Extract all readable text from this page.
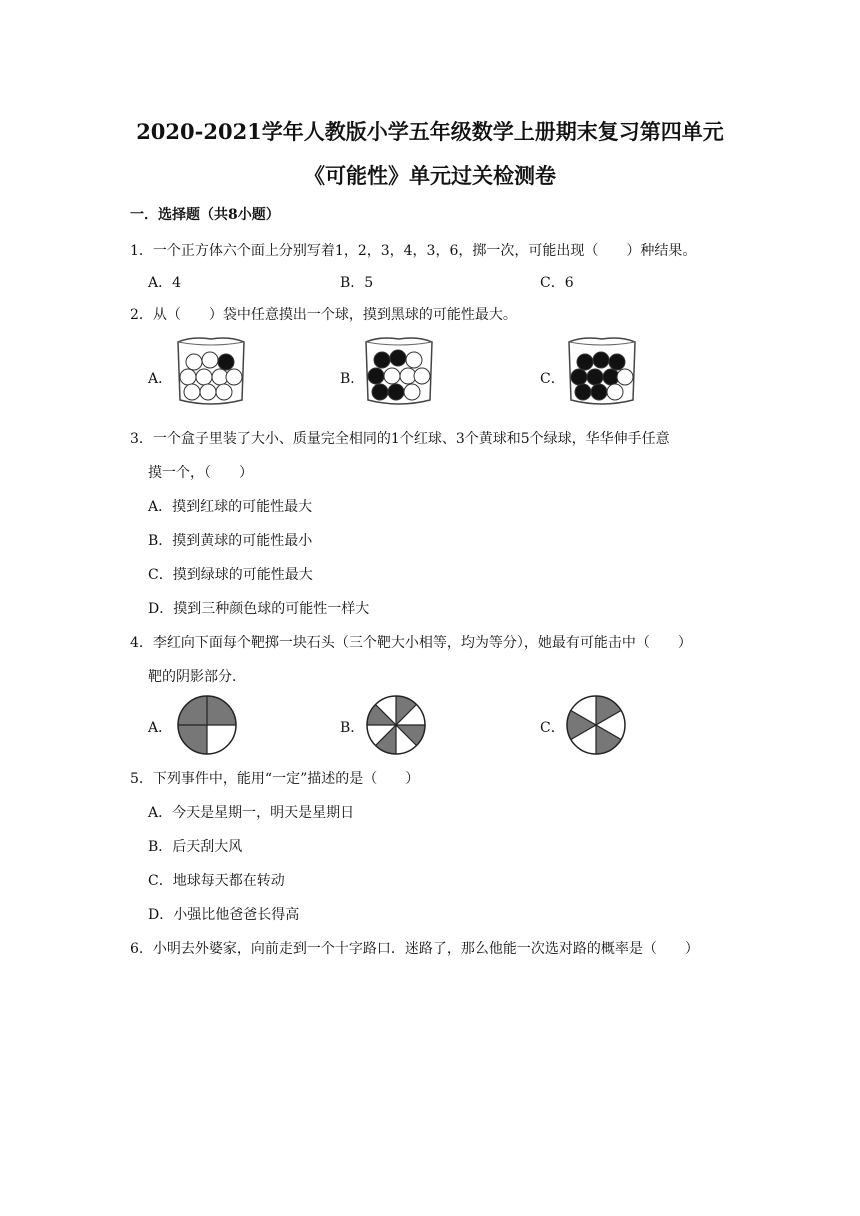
2020-2021学年人教版小学五年级数学上册期末复习第四单元
《可能性》单元过关检测卷
一．选择题（共8小题）
1．一个正方体六个面上分别写着1，2，3，4，3，6，掷一次，可能出现（　　）种结果。
A．4	B．5	C．6
2．从（　　）袋中任意摸出一个球，摸到黑球的可能性最大。
A．	B．	C．
3．一个盒子里装了大小、质量完全相同的1个红球、3个黄球和5个绿球，华华伸手任意
摸一个，（　　）
A．摸到红球的可能性最大
B．摸到黄球的可能性最小
C．摸到绿球的可能性最大
D．摸到三种颜色球的可能性一样大
4．李红向下面每个靶掷一块石头（三个靶大小相等，均为等分），她最有可能击中（　　）
靶的阴影部分．
A．	B．	C．
5．下列事件中，能用“一定”描述的是（　　）
A．今天是星期一，明天是星期日
B．后天刮大风
C．地球每天都在转动
D．小强比他爸爸长得高
6．小明去外婆家，向前走到一个十字路口．迷路了，那么他能一次选对路的概率是（　　）
